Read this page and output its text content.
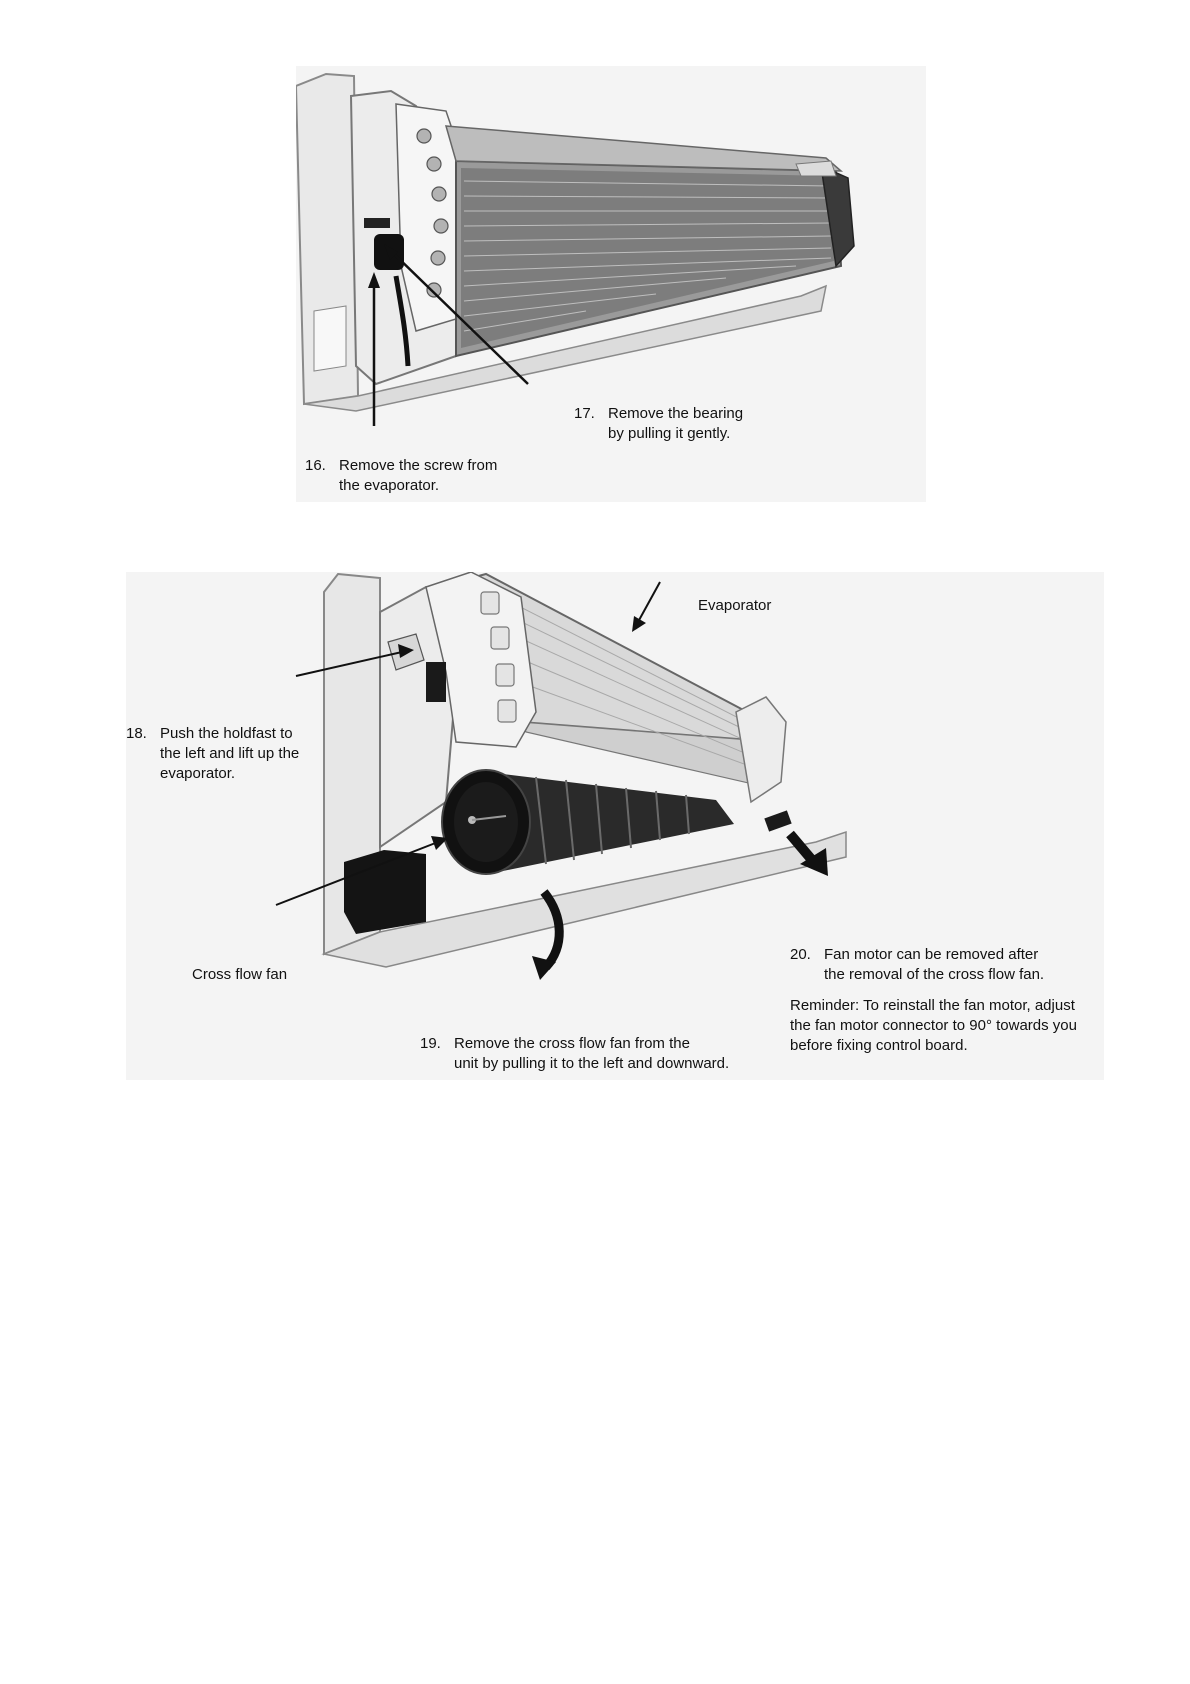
17. Remove the bearing
by pulling it gently.

16. Remove the screw from
the evaporator.

Evaporator

18. Push the holdfast to
the left and lift up the
evaporator.

Cross flow fan

20. Fan motor can be removed after
the removal of the cross flow fan.

Reminder: To reinstall the fan motor, adjust
the fan motor connector to 90° towards you
before fixing control board.

19. Remove the cross flow fan from the
unit by pulling it to the left and downward.
